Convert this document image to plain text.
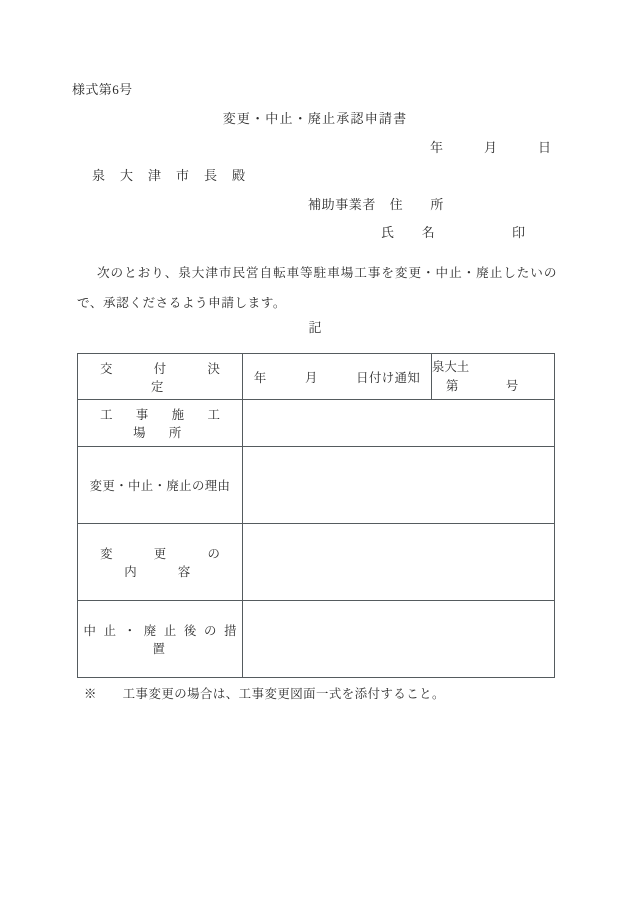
様式第6号
変更・中止・廃止承認申請書
年　　　月　　　日
泉　大　津　市　長　殿
補助事業者　 住　　所
氏　　名	印
次のとおり、泉大津市民営自転車等駐車場工事を変更・中止・廃止したいので、承認くださるよう申請します。
記
交　　付　　決　　定	年　　　月　　　日付け通知	泉大土
第 号

工　事　施　工　場　所		
変更・中止・廃止の理由		
変　　更　　の　　内　　容		
中 止 ・ 廃 止 後 の 措 置		
※　　工事変更の場合は、工事変更図面一式を添付すること。
